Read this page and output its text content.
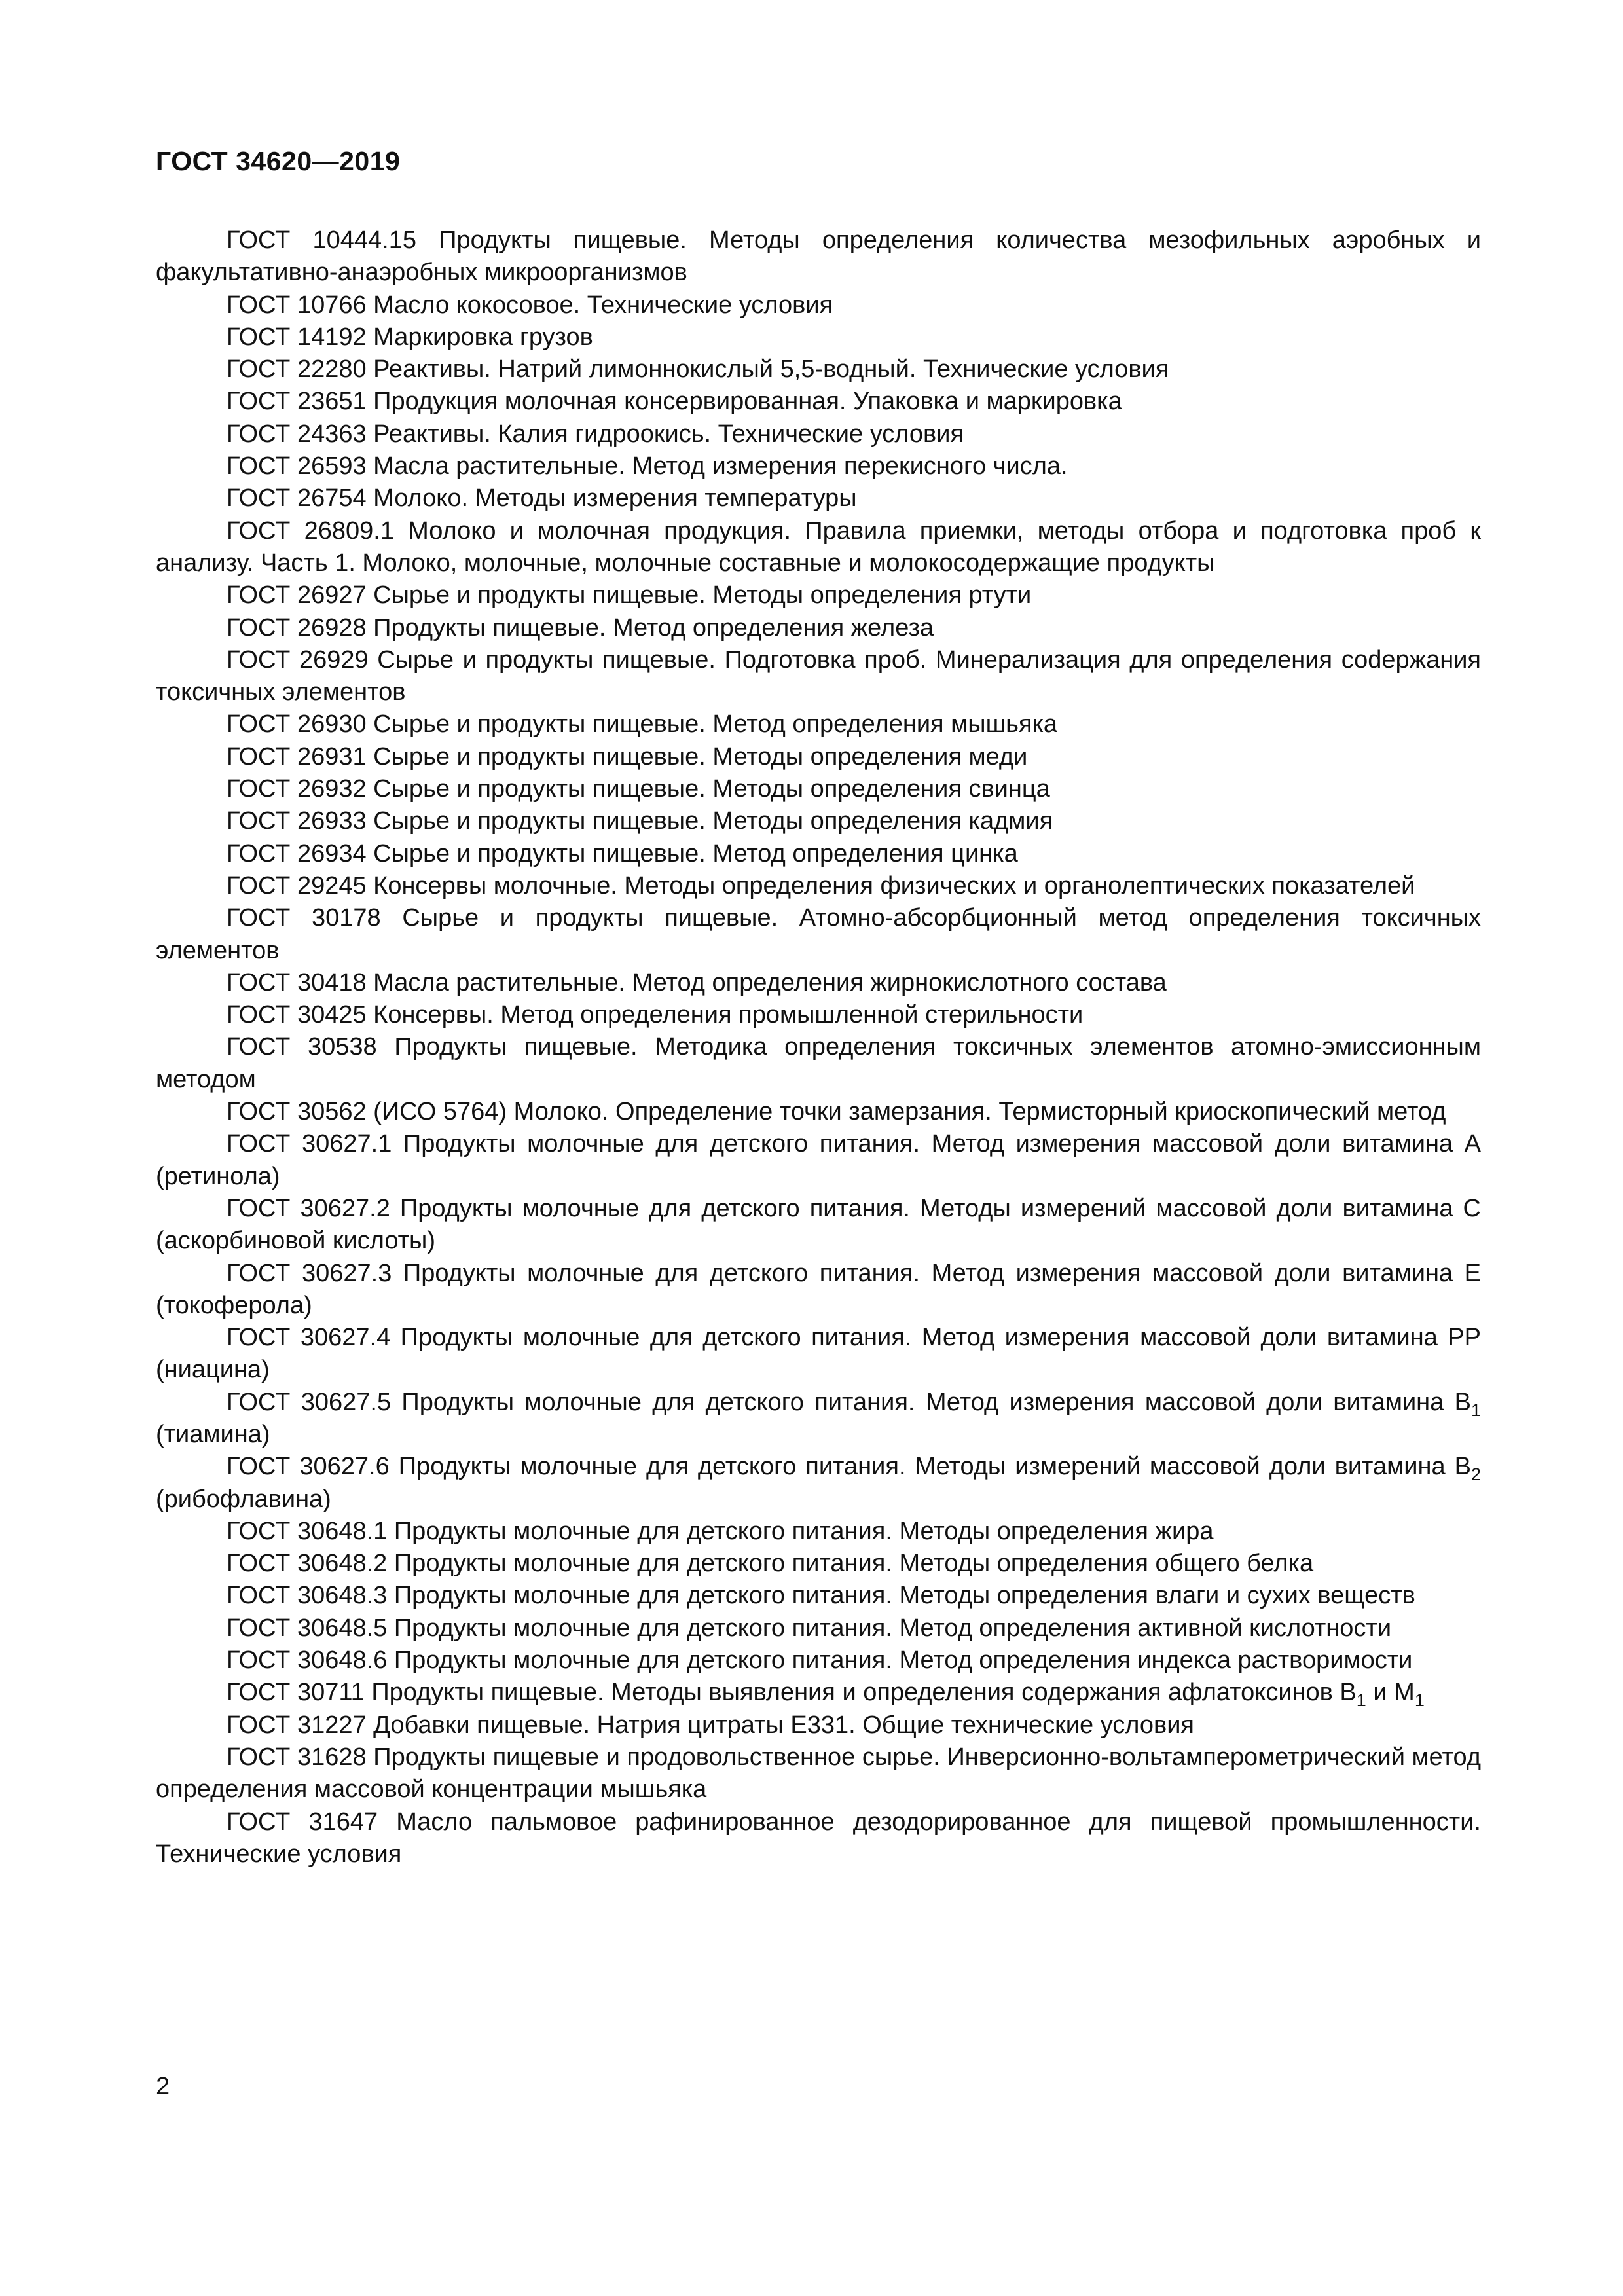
ГОСТ 34620—2019

ГОСТ 10444.15 Продукты пищевые. Методы определения количества мезофильных аэробных и факультативно-анаэробных микроорганизмов

ГОСТ 10766 Масло кокосовое. Технические условия

ГОСТ 14192 Маркировка грузов

ГОСТ 22280 Реактивы. Натрий лимоннокислый 5,5-водный. Технические условия

ГОСТ 23651 Продукция молочная консервированная. Упаковка и маркировка

ГОСТ 24363 Реактивы. Калия гидроокись. Технические условия

ГОСТ 26593 Масла растительные. Метод измерения перекисного числа.

ГОСТ 26754 Молоко. Методы измерения температуры

ГОСТ 26809.1 Молоко и молочная продукция. Правила приемки, методы отбора и подготовка проб к анализу. Часть 1. Молоко, молочные, молочные составные и молокосодержащие продукты

ГОСТ 26927 Сырье и продукты пищевые. Методы определения ртути

ГОСТ 26928 Продукты пищевые. Метод определения железа

ГОСТ 26929 Сырье и продукты пищевые. Подготовка проб. Минерализация для определения соdержания токсичных элементов

ГОСТ 26930 Сырье и продукты пищевые. Метод определения мышьяка

ГОСТ 26931 Сырье и продукты пищевые. Методы определения меди

ГОСТ 26932 Сырье и продукты пищевые. Методы определения свинца

ГОСТ 26933 Сырье и продукты пищевые. Методы определения кадмия

ГОСТ 26934 Сырье и продукты пищевые. Метод определения цинка

ГОСТ 29245 Консервы молочные. Методы определения физических и органолептических показателей

ГОСТ 30178 Сырье и продукты пищевые. Атомно-абсорбционный метод определения токсичных элементов

ГОСТ 30418 Масла растительные. Метод определения жирнокислотного состава

ГОСТ 30425 Консервы. Метод определения промышленной стерильности

ГОСТ 30538 Продукты пищевые. Методика определения токсичных элементов атомно-эмиссионным методом

ГОСТ 30562 (ИСО 5764) Молоко. Определение точки замерзания. Термисторный криоскопический метод

ГОСТ 30627.1 Продукты молочные для детского питания. Метод измерения массовой доли витамина А (ретинола)

ГОСТ 30627.2 Продукты молочные для детского питания. Методы измерений массовой доли витамина С (аскорбиновой кислоты)

ГОСТ 30627.3 Продукты молочные для детского питания. Метод измерения массовой доли витамина Е (токоферола)

ГОСТ 30627.4 Продукты молочные для детского питания. Метод измерения массовой доли витамина РР (ниацина)

ГОСТ 30627.5 Продукты молочные для детского питания. Метод измерения массовой доли витамина $В_1$ (тиамина)

ГОСТ 30627.6 Продукты молочные для детского питания. Методы измерений массовой доли витамина $В_2$ (рибофлавина)

ГОСТ 30648.1 Продукты молочные для детского питания. Методы определения жира

ГОСТ 30648.2 Продукты молочные для детского питания. Методы определения общего белка

ГОСТ 30648.3 Продукты молочные для детского питания. Методы определения влаги и сухих веществ

ГОСТ 30648.5 Продукты молочные для детского питания. Метод определения активной кислотности

ГОСТ 30648.6 Продукты молочные для детского питания. Метод определения индекса растворимости

ГОСТ 30711 Продукты пищевые. Методы выявления и определения содержания афлатоксинов $В_1$ и $М_1$

ГОСТ 31227 Добавки пищевые. Натрия цитраты Е331. Общие технические условия

ГОСТ 31628 Продукты пищевые и продовольственное сырье. Инверсионно-вольтамперометрический метод определения массовой концентрации мышьяка

ГОСТ 31647 Масло пальмовое рафинированное дезодорированное для пищевой промышленности. Технические условия

2
